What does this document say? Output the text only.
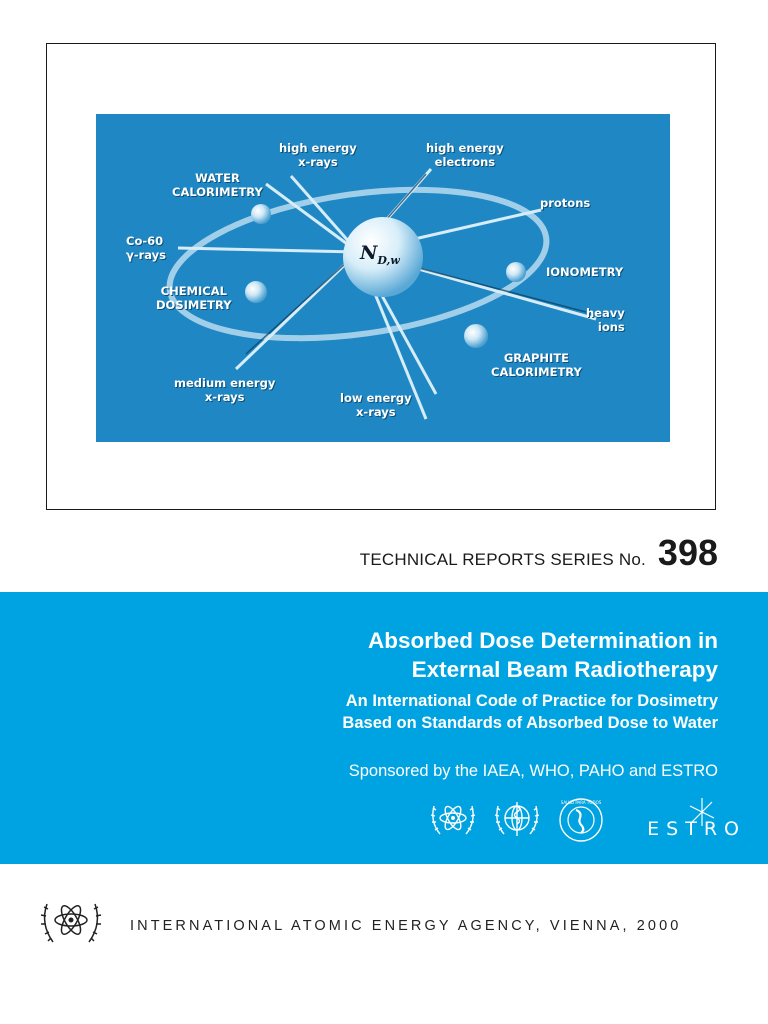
$N_{D,w}$
high energy
x-rays
high energy
electrons
WATER
CALORIMETRY
protons
Co-60
γ-rays
IONOMETRY
CHEMICAL
DOSIMETRY
heavy
ions
GRAPHITE
CALORIMETRY
medium energy
x-rays	low energy
x-rays
TECHNICAL REPORTS SERIES No. 398
Absorbed Dose Determination in
External Beam Radiotherapy
An International Code of Practice for Dosimetry
Based on Standards of Absorbed Dose to Water
Sponsored by the IAEA, WHO, PAHO and ESTRO
SALUD PARA TODOS
ESTRO
INTERNATIONAL ATOMIC ENERGY AGENCY, VIENNA, 2000
